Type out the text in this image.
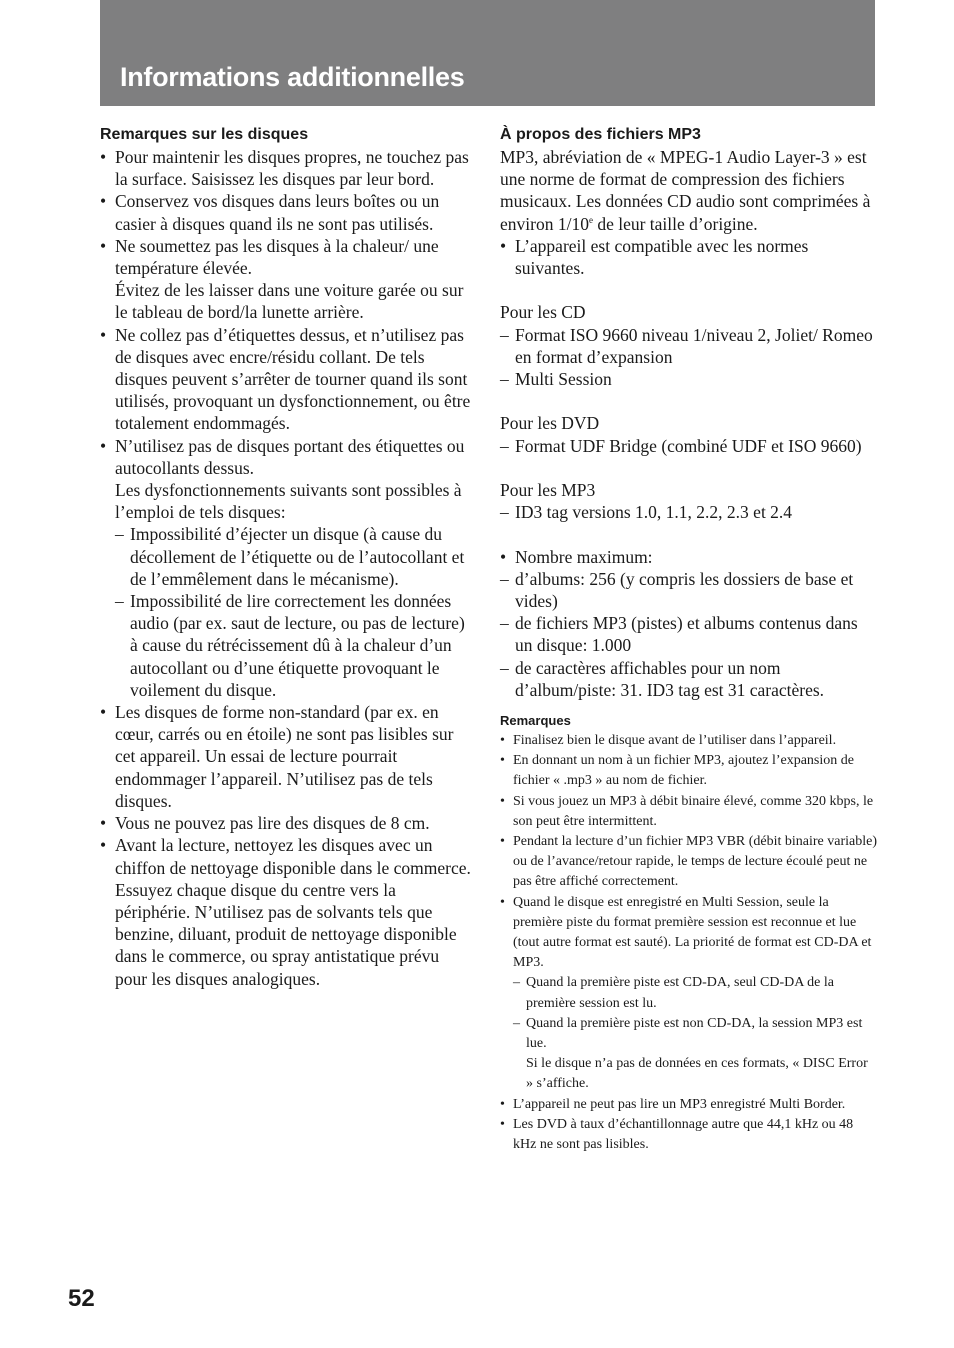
Informations additionnelles

Remarques sur les disques

• Pour maintenir les disques propres, ne touchez pas la surface. Saisissez les disques par leur bord.
• Conservez vos disques dans leurs boîtes ou un casier à disques quand ils ne sont pas utilisés.
• Ne soumettez pas les disques à la chaleur/ une température élevée.

Évitez de les laisser dans une voiture garée ou sur le tableau de bord/la lunette arrière.

• Ne collez pas d’étiquettes dessus, et n’utilisez pas de disques avec encre/résidu collant. De tels disques peuvent s’arrêter de tourner quand ils sont utilisés, provoquant un dysfonctionnement, ou être totalement endommagés.
• N’utilisez pas de disques portant des étiquettes ou autocollants dessus.

Les dysfonctionnements suivants sont possibles à l’emploi de tels disques:

– Impossibilité d’éjecter un disque (à cause du décollement de l’étiquette ou de l’autocollant et de l’emmêlement dans le mécanisme).
– Impossibilité de lire correctement les données audio (par ex. saut de lecture, ou pas de lecture) à cause du rétrécissement dû à la chaleur d’un autocollant ou d’une étiquette provoquant le voilement du disque.
• Les disques de forme non-standard (par ex. en cœur, carrés ou en étoile) ne sont pas lisibles sur cet appareil. Un essai de lecture pourrait endommager l’appareil. N’utilisez pas de tels disques.
• Vous ne pouvez pas lire des disques de 8 cm.
• Avant la lecture, nettoyez les disques avec un chiffon de nettoyage disponible dans le commerce. Essuyez chaque disque du centre vers la périphérie. N’utilisez pas de solvants tels que benzine, diluant, produit de nettoyage disponible dans le commerce, ou spray antistatique prévu pour les disques analogiques.

À propos des fichiers MP3

MP3, abréviation de « MPEG-1 Audio Layer-3 » est une norme de format de compression des fichiers musicaux. Les données CD audio sont comprimées à environ 1/10e de leur taille d’origine.

• L’appareil est compatible avec les normes suivantes.

Pour les CD

– Format ISO 9660 niveau 1/niveau 2, Joliet/ Romeo en format d’expansion
– Multi Session

Pour les DVD

– Format UDF Bridge (combiné UDF et ISO 9660)

Pour les MP3

– ID3 tag versions 1.0, 1.1, 2.2, 2.3 et 2.4
• Nombre maximum:
– d’albums: 256 (y compris les dossiers de base et vides)
– de fichiers MP3 (pistes) et albums contenus dans un disque: 1.000
– de caractères affichables pour un nom d’album/piste: 31. ID3 tag est 31 caractères.

Remarques

• Finalisez bien le disque avant de l’utiliser dans l’appareil.
• En donnant un nom à un fichier MP3, ajoutez l’expansion de fichier « .mp3 » au nom de fichier.
• Si vous jouez un MP3 à débit binaire élevé, comme 320 kbps, le son peut être intermittent.
• Pendant la lecture d’un fichier MP3 VBR (débit binaire variable) ou de l’avance/retour rapide, le temps de lecture écoulé peut ne pas être affiché correctement.
• Quand le disque est enregistré en Multi Session, seule la première piste du format première session est reconnue et lue (tout autre format est sauté). La priorité de format est CD-DA et MP3.
– Quand la première piste est CD-DA, seul CD-DA de la première session est lu.
– Quand la première piste est non CD-DA, la session MP3 est lue.

Si le disque n’a pas de données en ces formats, « DISC Error » s’affiche.

• L’appareil ne peut pas lire un MP3 enregistré Multi Border.
• Les DVD à taux d’échantillonnage autre que 44,1 kHz ou 48 kHz ne sont pas lisibles.
52
